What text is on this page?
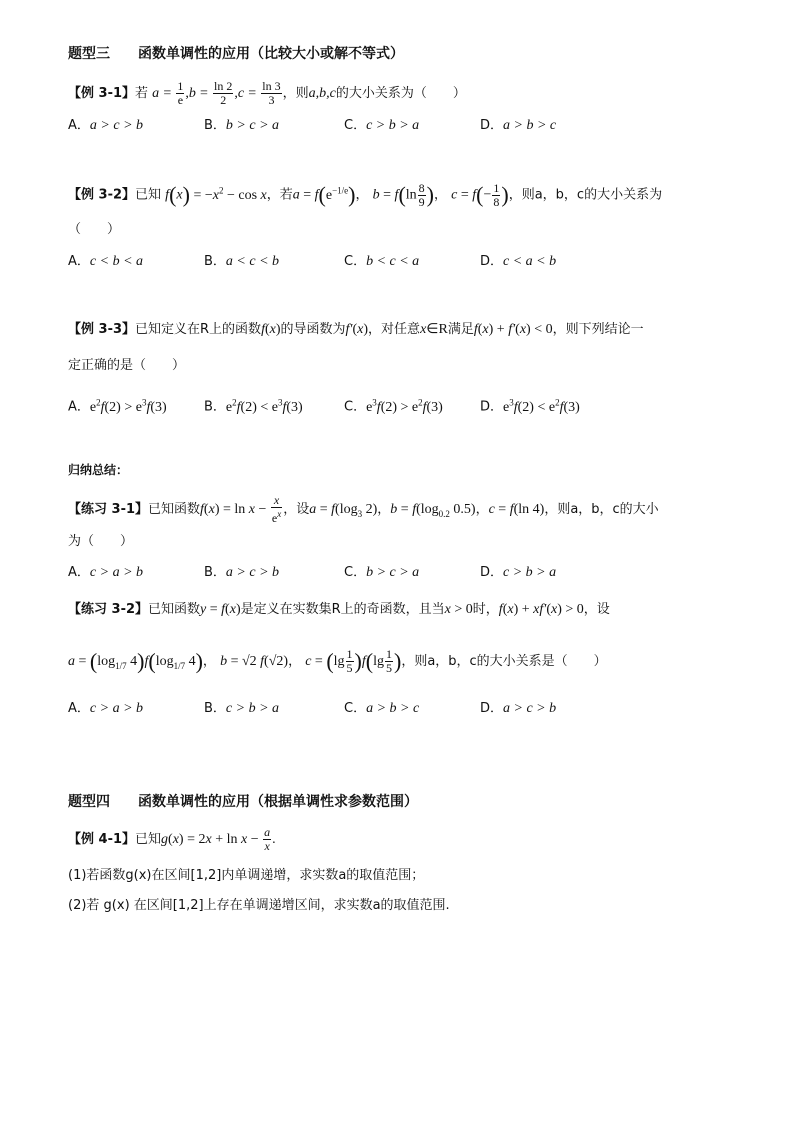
题型三　　函数单调性的应用（比较大小或解不等式）
【例 3-1】若 $a = \frac{1}{e} ,b = \frac{\ln 2}{2} ,c = \frac{\ln 3}{3}$ ，则a,b,c的大小关系为（　　）
A．a > c > b	B．b > c > a	C．c > b > a	D．a > b > c
【例 3-2】已知 $f(x) = -x^2 - \cos x$，若$a = f(e^{-1/e})$， $b = f(\ln \frac{8}{9}$ )， $c = f(- \frac{1}{8}$ )，则a，b，c的大小关系为
（　　）
A．c < b < a	B．a < c < b	C．b < c < a	D．c < a < b
【例 3-3】已知定义在R上的函数f(x)的导函数为f′(x)，对任意x∈R满足f(x) + f′(x) < 0，则下列结论一
定正确的是（　　）
A．$e^2f(2) > e^3f(3)$	B．$e^2f(2) < e^3f(3)$	C．$e^3f(2) > e^2f(3)$	D．$e^3f(2) < e^2f(3)$
归纳总结：
【练习 3-1】已知函数$f(x) = \ln x - \frac{x}{e^x}$ ，设$a = f(\log_3$ 2)，$b = f(\log_{0.2}$ 0.5)，c = f(ln 4)，则a，b，c的大小
为（　　）
A．c > a > b	B．a > c > b	C．b > c > a	D．c > b > a
【练习 3-2】已知函数y = f(x)是定义在实数集R上的奇函数，且当x > 0时，f(x) + xf′(x) > 0，设
$a = (\log_{1/7}$ $4)f(\log_{1/7}$ 4)， b = √2 f(√2)， $c = (\lg \frac{1}{5} )f(\lg \frac{1}{5}$ )，则a，b，c的大小关系是（　　）
A．c > a > b	B．c > b > a	C．a > b > c	D．a > c > b
题型四　　函数单调性的应用（根据单调性求参数范围）
【例 4-1】已知$g(x) = 2x + \ln x - \frac{a}{x}$ .
(1)若函数g(x)在区间[1,2]内单调递增，求实数a的取值范围；
(2)若 g(x) 在区间[1,2]上存在单调递增区间，求实数a的取值范围.
